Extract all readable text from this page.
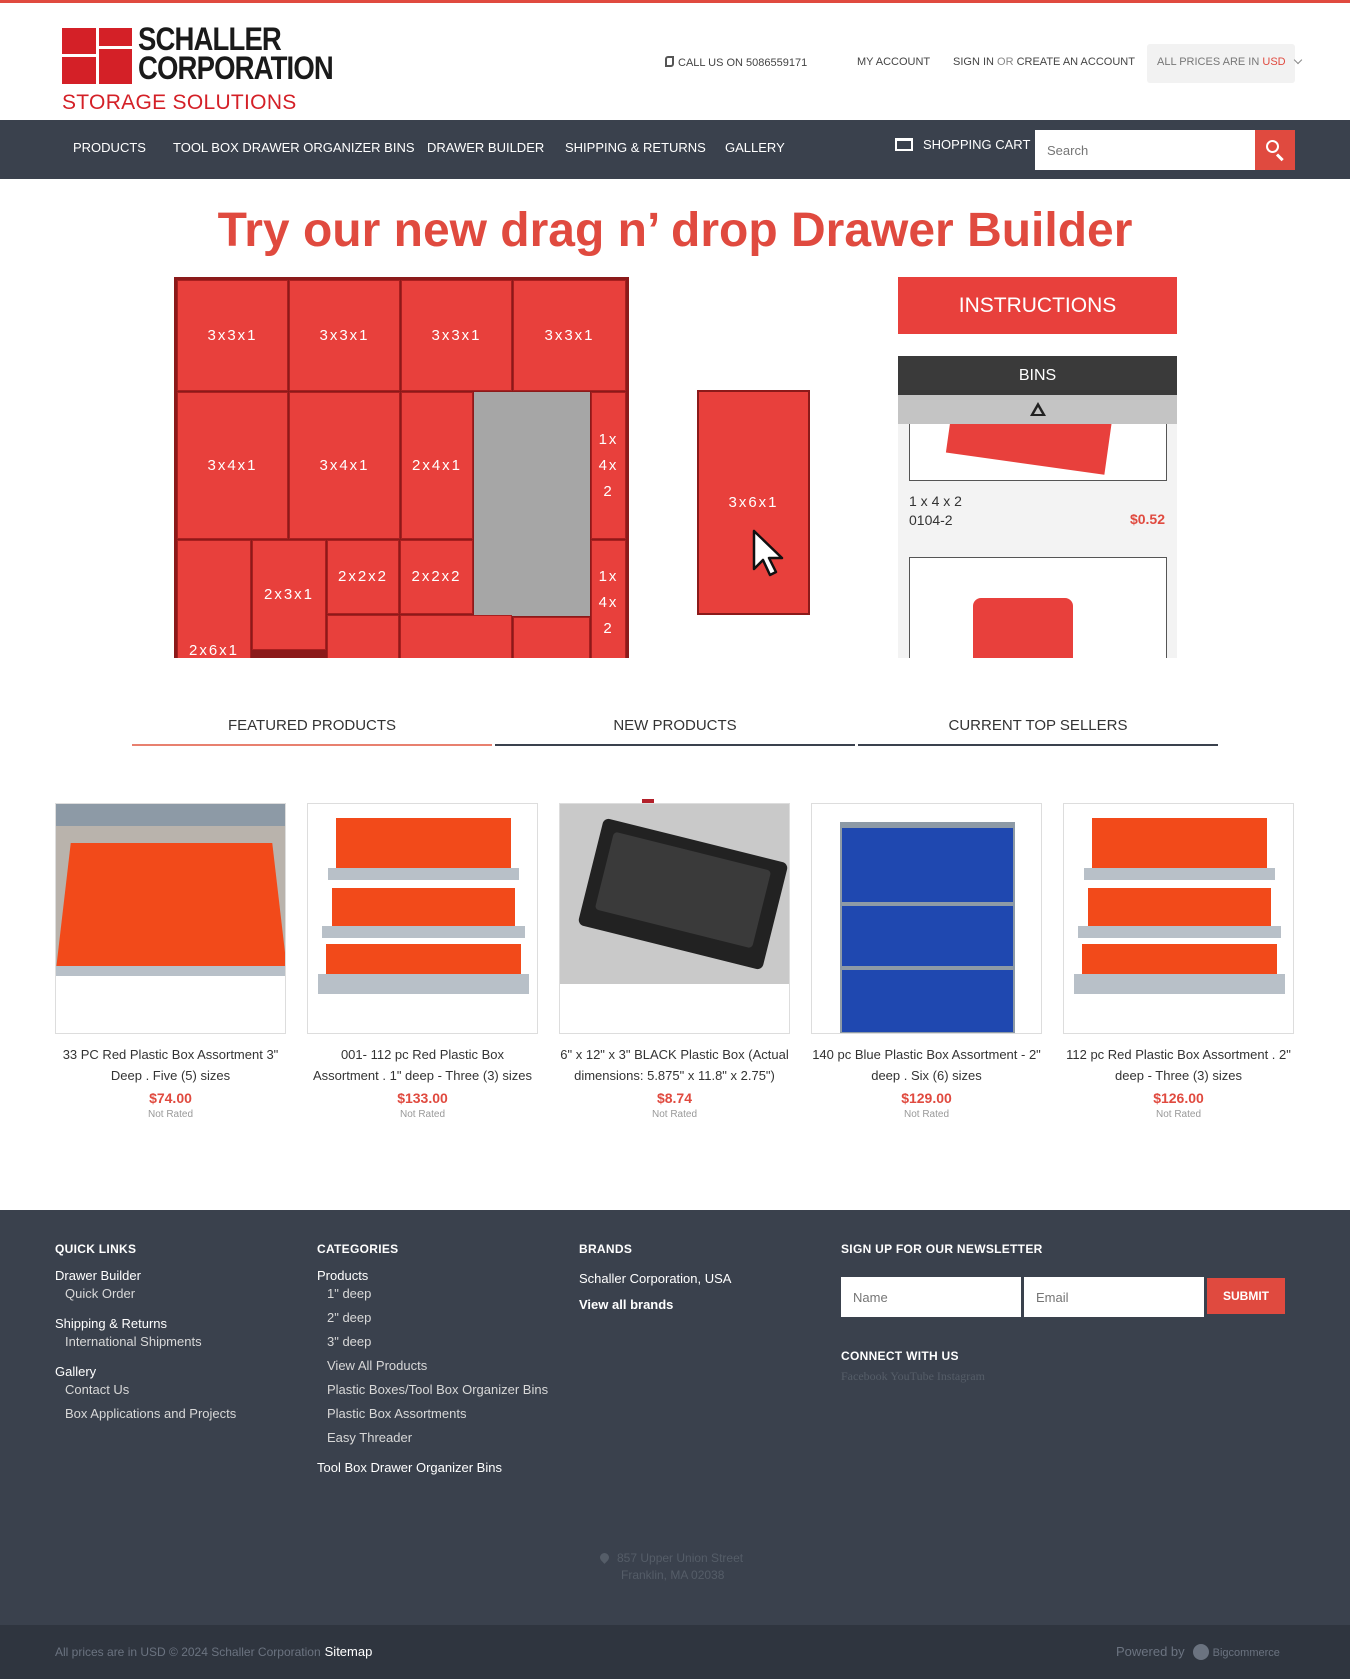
SCHALLER
CORPORATION
STORAGE SOLUTIONS
CALL US ON 5086559171	MY ACCOUNT SIGN IN OR CREATE AN ACCOUNT	ALL PRICES ARE IN USD
PRODUCTS TOOL BOX DRAWER ORGANIZER BINS DRAWER BUILDER SHIPPING & RETURNS GALLERY	SHOPPING CART
Search
Try our new drag n’ drop Drawer Builder
3x3x1	3x3x1	3x3x1	3x3x1
3x4x1	3x4x1	2x4x1
1x4x2
2x6x1
2x3x1
2x2x2	2x2x2	1x4x2
3x6x1
INSTRUCTIONS
BINS
1 x 4 x 2
0104-2	$0.52
FEATURED PRODUCTS	NEW PRODUCTS	CURRENT TOP SELLERS
33 PC Red Plastic Box Assortment 3" Deep . Five (5) sizes
$74.00
Not Rated
001- 112 pc Red Plastic Box Assortment . 1" deep - Three (3) sizes
$133.00
Not Rated
6" x 12" x 3" BLACK Plastic Box (Actual dimensions: 5.875" x 11.8" x 2.75")
$8.74
Not Rated
140 pc Blue Plastic Box Assortment - 2" deep . Six (6) sizes
$129.00
Not Rated
112 pc Red Plastic Box Assortment . 2" deep - Three (3) sizes
$126.00
Not Rated
QUICK LINKS
Drawer Builder
Quick Order
Shipping & Returns
International Shipments
Gallery
Contact Us
Box Applications and Projects
CATEGORIES
Products
1" deep
2" deep
3" deep
View All Products
Plastic Boxes/Tool Box Organizer Bins
Plastic Box Assortments
Easy Threader
Tool Box Drawer Organizer Bins
BRANDS
Schaller Corporation, USA
View all brands
SIGN UP FOR OUR NEWSLETTER
Name
Email
SUBMIT
CONNECT WITH US
Facebook YouTube Instagram
857 Upper Union Street
Franklin, MA 02038
All prices are in USD © 2024 Schaller Corporation Sitemap	Powered by	Bigcommerce
